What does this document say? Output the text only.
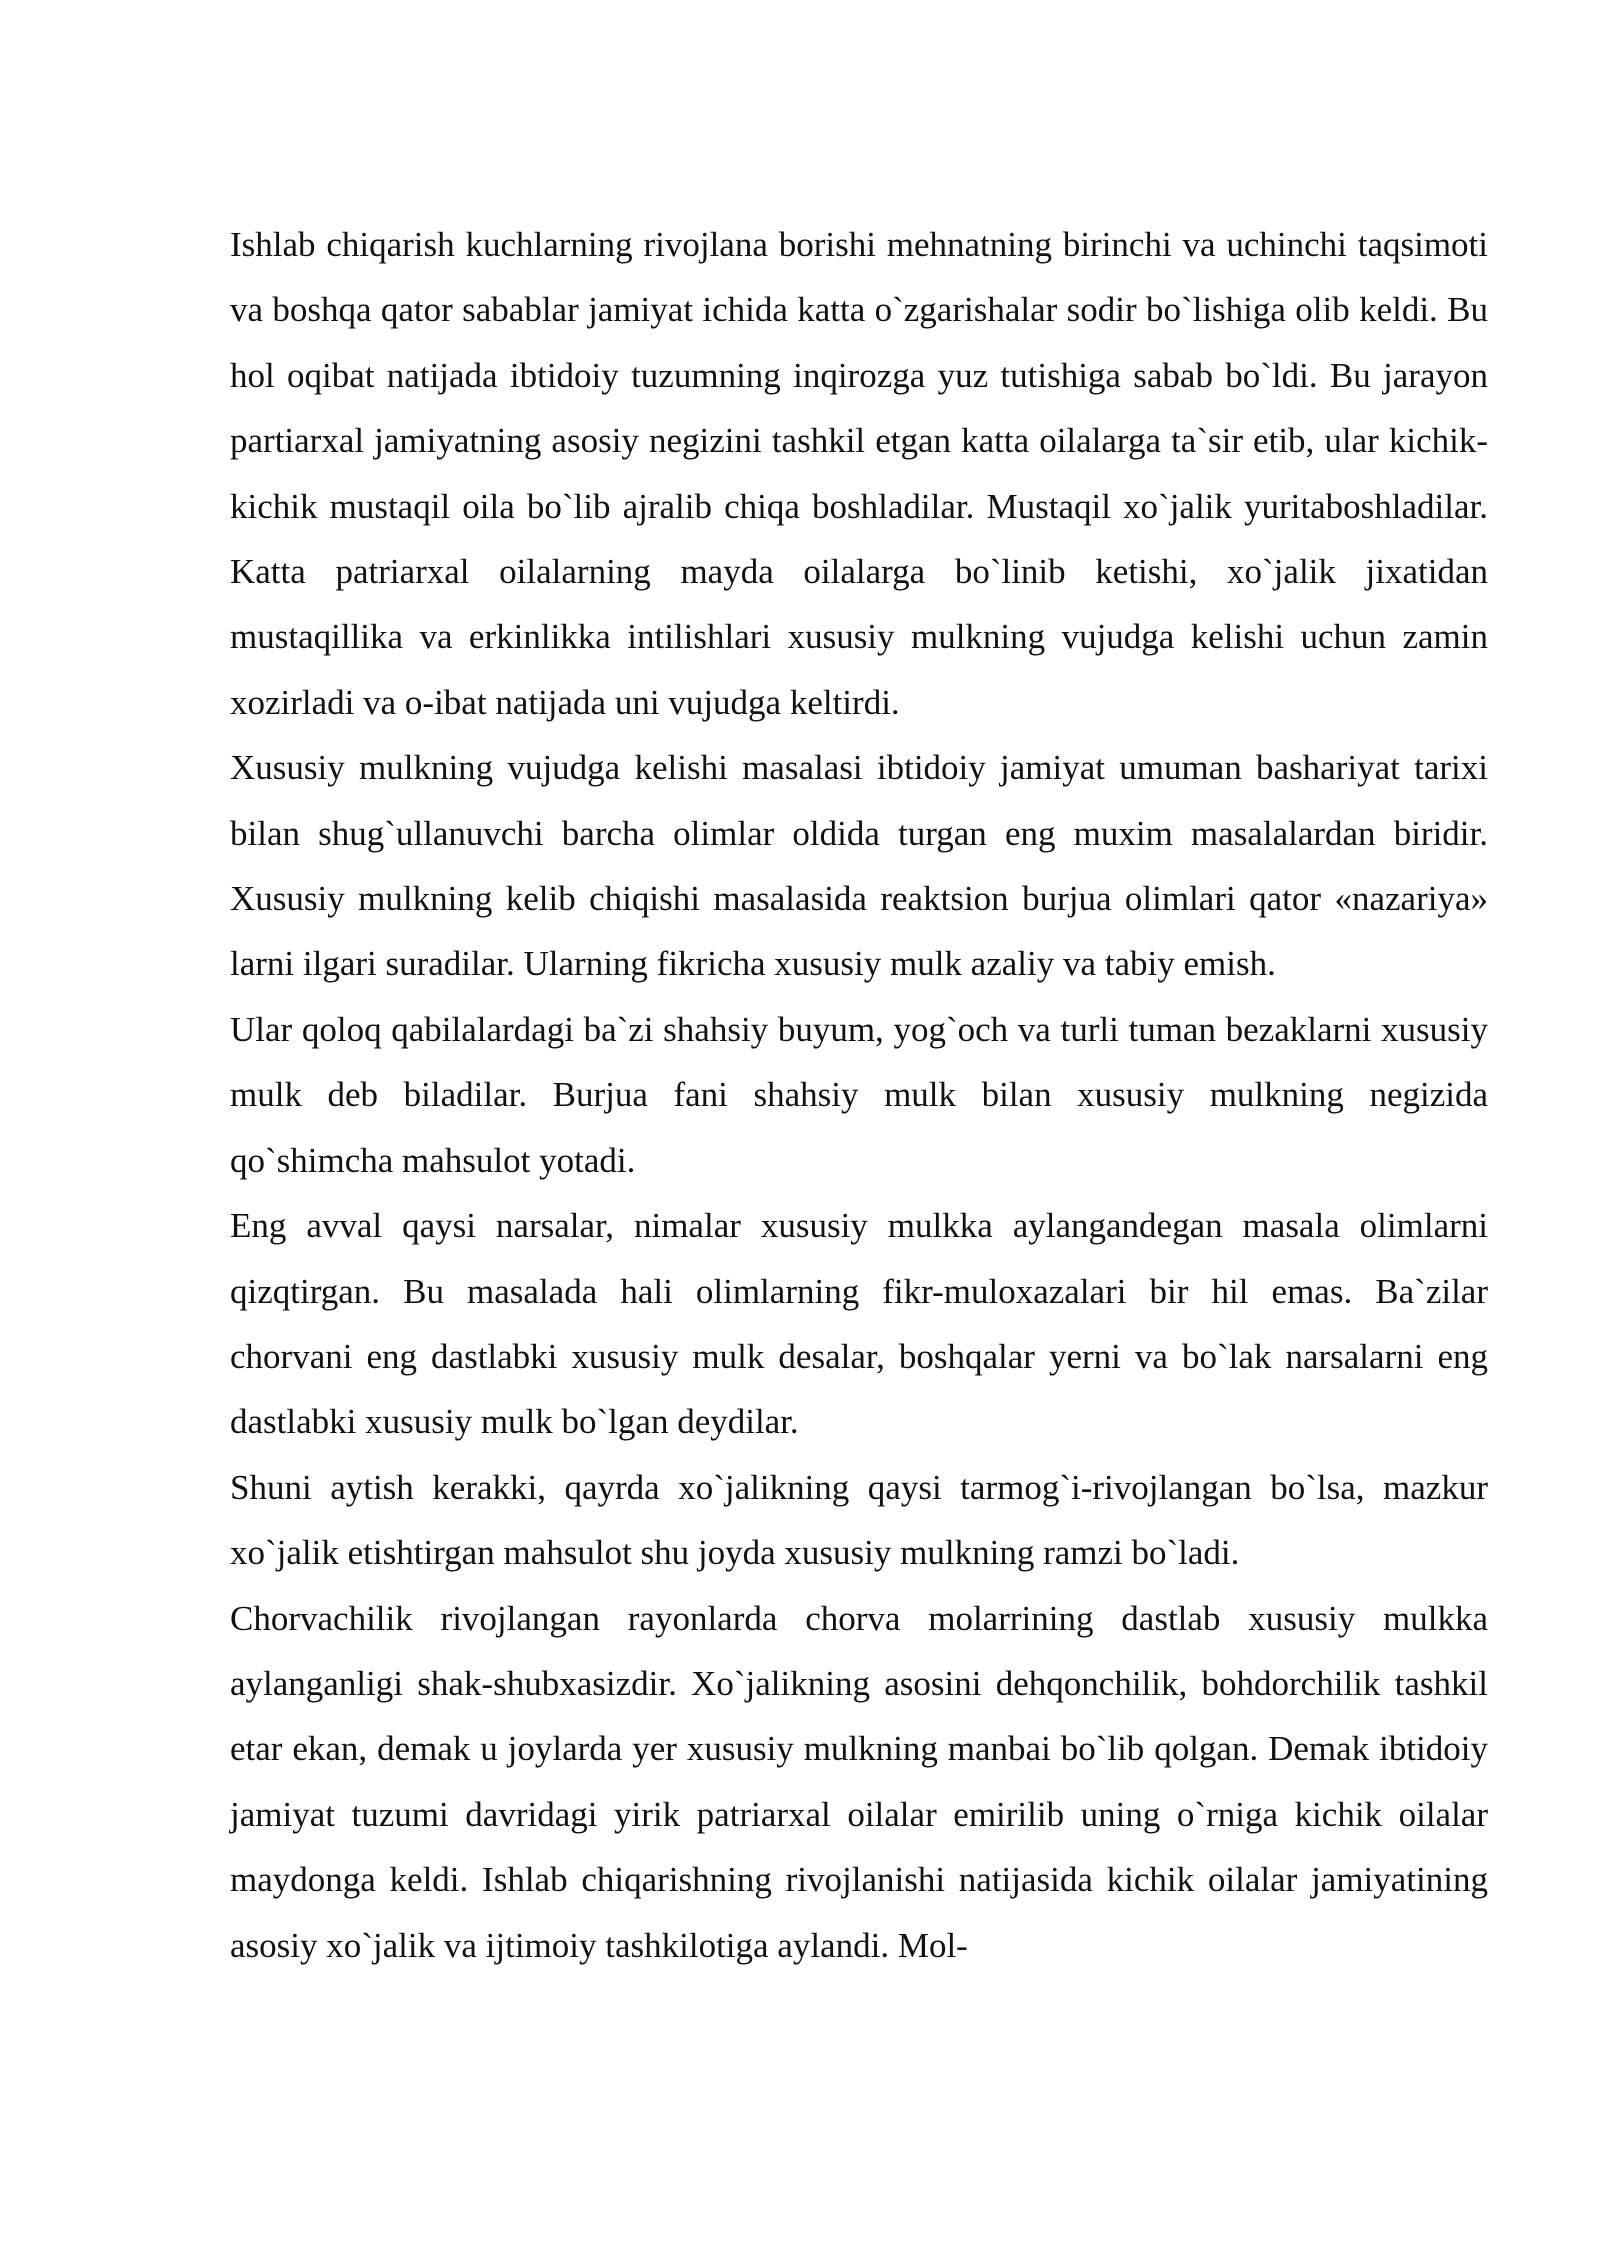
Ishlab chiqarish kuchlarning rivojlana borishi mehnatning birinchi va uchinchi taqsimoti va boshqa qator sabablar jamiyat ichida katta o`zgarishalar sodir bo`lishiga olib keldi. Bu hol oqibat natijada ibtidoiy tuzumning inqirozga yuz tutishiga sabab bo`ldi. Bu jarayon partiarxal jamiyatning asosiy negizini tashkil etgan katta oilalarga ta`sir etib, ular kichik-kichik mustaqil oila bo`lib ajralib chiqa boshladilar. Mustaqil xo`jalik yuritaboshladilar. Katta patriarxal oilalarning mayda oilalarga bo`linib ketishi, xo`jalik jixatidan mustaqillika va erkinlikka intilishlari xususiy mulkning vujudga kelishi uchun zamin xozirladi va o-ibat natijada uni vujudga keltirdi.

Xususiy mulkning vujudga kelishi masalasi ibtidoiy jamiyat umuman bashariyat tarixi bilan shug`ullanuvchi barcha olimlar oldida turgan eng muxim masalalardan biridir. Xususiy mulkning kelib chiqishi masalasida reaktsion burjua olimlari qator «nazariya» larni ilgari suradilar. Ularning fikricha xususiy mulk azaliy va tabiy emish.

Ular qoloq qabilalardagi ba`zi shahsiy buyum, yog`och va turli tuman bezaklarni xususiy mulk deb biladilar. Burjua fani shahsiy mulk bilan xususiy mulkning negizida qo`shimcha mahsulot yotadi.

Eng avval qaysi narsalar, nimalar xususiy mulkka aylangandegan masala olimlarni qizqtirgan. Bu masalada hali olimlarning fikr-muloxazalari bir hil emas. Ba`zilar chorvani eng dastlabki xususiy mulk desalar, boshqalar yerni va bo`lak narsalarni eng dastlabki xususiy mulk bo`lgan deydilar.

Shuni aytish kerakki, qayrda xo`jalikning qaysi tarmog`i-rivojlangan bo`lsa, mazkur xo`jalik etishtirgan mahsulot shu joyda xususiy mulkning ramzi bo`ladi.

Chorvachilik rivojlangan rayonlarda chorva molarrining dastlab xususiy mulkka aylanganligi shak-shubxasizdir. Xo`jalikning asosini dehqonchilik, bohdorchilik tashkil etar ekan, demak u joylarda yer xususiy mulkning manbai bo`lib qolgan. Demak ibtidoiy jamiyat tuzumi davridagi yirik patriarxal oilalar emirilib uning o`rniga kichik oilalar maydonga keldi. Ishlab chiqarishning rivojlanishi natijasida kichik oilalar jamiyatining asosiy xo`jalik va ijtimoiy tashkilotiga aylandi. Mol-
